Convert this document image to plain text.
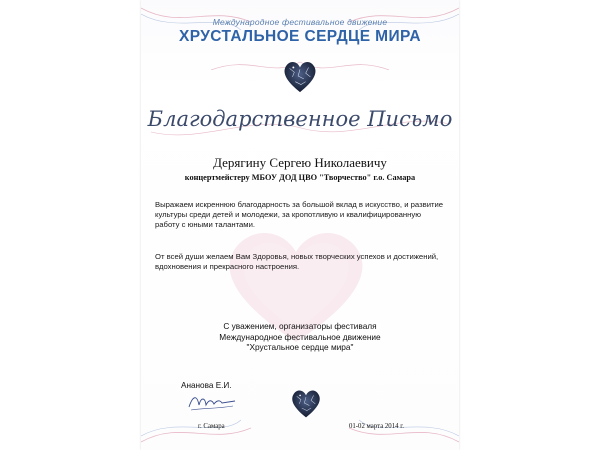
Международное фестивальное движение
ХРУСТАЛЬНОЕ СЕРДЦЕ МИРА
Благодарственное Письмо
Дерягину Сергею Николаевичу
концертмейстеру МБОУ ДОД ЦВО "Творчество" г.о. Самара
Выражаем искреннюю благодарность за большой вклад в искусство, и развитие культуры среди детей и молодежи, за кропотливую и квалифицированную работу с юными талантами.
От всей души желаем Вам Здоровья, новых творческих успехов и достижений, вдохновения и прекрасного настроения.
С уважением, организаторы фестиваля
Международное фестивальное движение
"Хрустальное сердце мира"
Ананова Е.И.
г. Самара	01-02 марта 2014 г.
